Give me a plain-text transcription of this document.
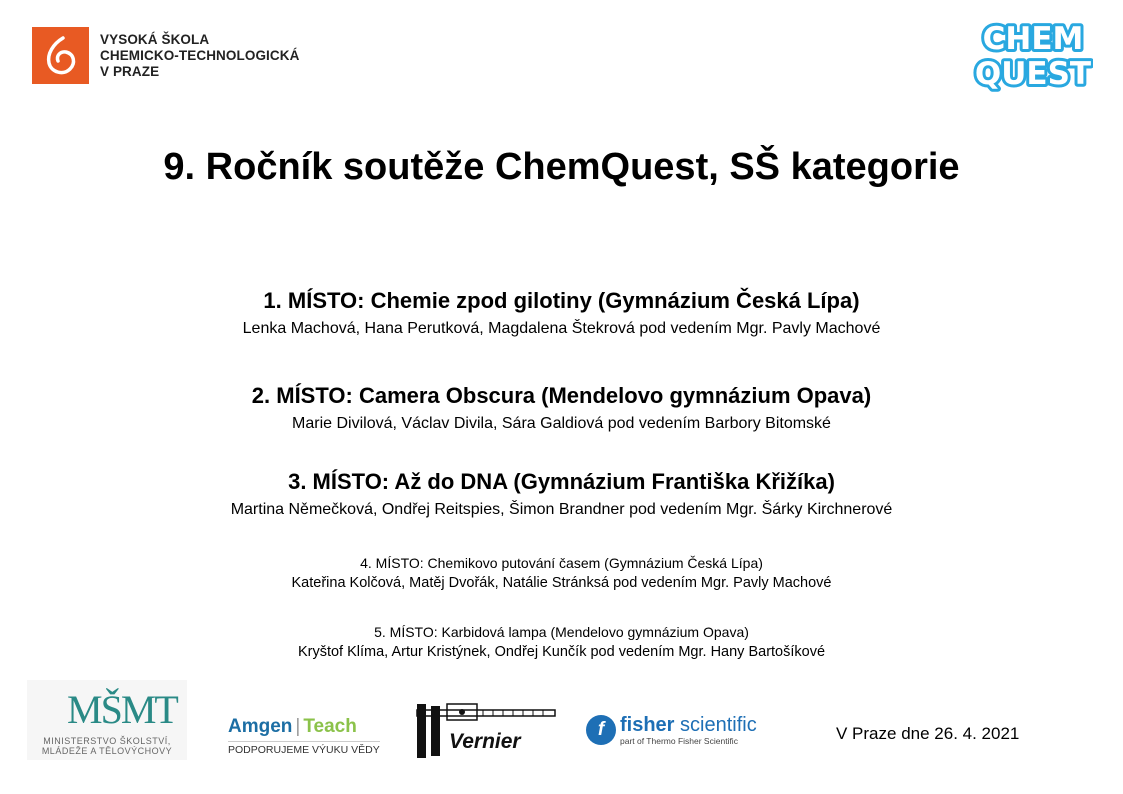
VYSOKÁ ŠKOLA
CHEMICKO-TECHNOLOGICKÁ
V PRAZE
CHEM
QUEST
9. Ročník soutěže ChemQuest, SŠ kategorie
1. MÍSTO: Chemie zpod gilotiny (Gymnázium Česká Lípa)
Lenka Machová, Hana Perutková, Magdalena Štekrová pod vedením Mgr. Pavly Machové
2. MÍSTO: Camera Obscura (Mendelovo gymnázium Opava)
Marie Divilová, Václav Divila, Sára Galdiová pod vedením Barbory Bitomské
3. MÍSTO: Až do DNA (Gymnázium Františka Křižíka)
Martina Němečková, Ondřej Reitspies, Šimon Brandner pod vedením Mgr. Šárky Kirchnerové
4. MÍSTO: Chemikovo putování časem (Gymnázium Česká Lípa)
Kateřina Kolčová, Matěj Dvořák, Natálie Stránksá pod vedením Mgr. Pavly Machové
5. MÍSTO: Karbidová lampa (Mendelovo gymnázium Opava)
Kryštof Klíma, Artur Kristýnek, Ondřej Kunčík pod vedením Mgr. Hany Bartošíkové
MŠMT
MINISTERSTVO ŠKOLSTVÍ,
MLÁDEŽE A TĚLOVÝCHOVY
Amgen | Teach
PODPORUJEME VÝUKU VĚDY	Vernier
f fisher scientific
part of Thermo Fisher Scientific	V Praze dne 26. 4. 2021
